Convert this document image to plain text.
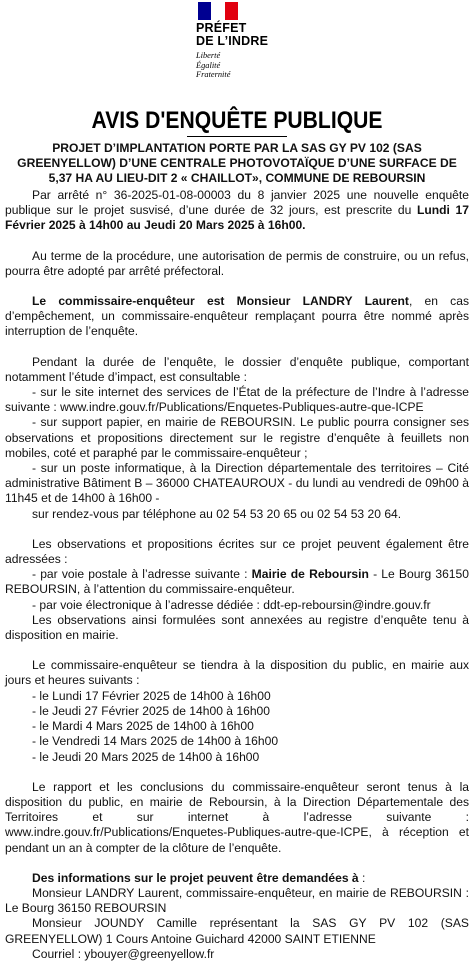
PRÉFET
DE L’INDRE
Liberté
Égalité
Fraternité
AVIS D'ENQUÊTE PUBLIQUE
PROJET D’IMPLANTATION PORTE PAR LA SAS GY PV 102 (SAS GREENYELLOW) D’UNE CENTRALE PHOTOVOTAÏQUE D’UNE SURFACE DE 5,37 HA AU LIEU-DIT 2 « CHAILLOT», COMMUNE DE REBOURSIN

Par arrêté n° 36-2025-01-08-00003 du 8 janvier 2025 une nouvelle enquête publique sur le projet susvisé, d’une durée de 32 jours, est prescrite du Lundi 17 Février 2025 à 14h00 au Jeudi 20 Mars 2025 à 16h00.

Au terme de la procédure, une autorisation de permis de construire, ou un refus, pourra être adopté par arrêté préfectoral.

Le commissaire-enquêteur est Monsieur LANDRY Laurent, en cas d’empêchement, un commissaire-enquêteur remplaçant pourra être nommé après interruption de l’enquête.

Pendant la durée de l’enquête, le dossier d’enquête publique, comportant notamment l’étude d’impact, est consultable :

- sur le site internet des services de l’État de la préfecture de l’Indre à l’adresse suivante : www.indre.gouv.fr/Publications/Enquetes-Publiques-autre-que-ICPE

- sur support papier, en mairie de REBOURSIN. Le public pourra consigner ses observations et propositions directement sur le registre d’enquête à feuillets non mobiles, coté et paraphé par le commissaire-enquêteur ;

- sur un poste informatique, à la Direction départementale des territoires – Cité administrative Bâtiment B – 36000 CHATEAUROUX - du lundi au vendredi de 09h00 à 11h45 et de 14h00 à 16h00 -

sur rendez-vous par téléphone au 02 54 53 20 65 ou 02 54 53 20 64.

Les observations et propositions écrites sur ce projet peuvent également être adressées :

- par voie postale à l’adresse suivante : Mairie de Reboursin - Le Bourg 36150 REBOURSIN, à l’attention du commissaire-enquêteur.

- par voie électronique à l’adresse dédiée : ddt-ep-reboursin@indre.gouv.fr

Les observations ainsi formulées sont annexées au registre d’enquête tenu à disposition en mairie.

Le commissaire-enquêteur se tiendra à la disposition du public, en mairie aux jours et heures suivants :

- le Lundi 17 Février 2025 de 14h00 à 16h00

- le Jeudi 27 Février 2025 de 14h00 à 16h00

- le Mardi 4 Mars 2025 de 14h00 à 16h00

- le Vendredi 14 Mars 2025 de 14h00 à 16h00

- le Jeudi 20 Mars 2025 de 14h00 à 16h00

Le rapport et les conclusions du commissaire-enquêteur seront tenus à la disposition du public, en mairie de Reboursin, à la Direction Départementale des Territoires et sur internet à l’adresse suivante : www.indre.gouv.fr/Publications/Enquetes-Publiques-autre-que-ICPE, à réception et pendant un an à compter de la clôture de l’enquête.

Des informations sur le projet peuvent être demandées à :

Monsieur LANDRY Laurent, commissaire-enquêteur, en mairie de REBOURSIN : Le Bourg 36150 REBOURSIN

Monsieur JOUNDY Camille représentant la SAS GY PV 102 (SAS GREENYELLOW) 1 Cours Antoine Guichard 42000 SAINT ETIENNE

Courriel : ybouyer@greenyellow.fr
